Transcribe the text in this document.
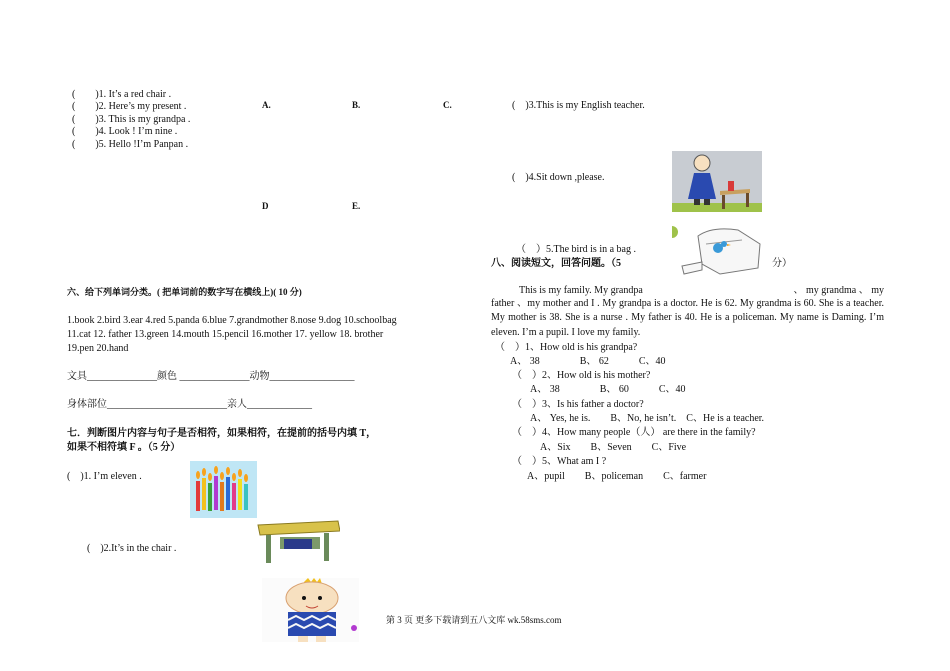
(　　)1. It’s a red chair .
(　　)2. Here’s my present .
(　　)3. This is my grandpa .
(　　)4. Look ! I’m nine .
(　　)5. Hello !I’m Panpan .
A.	B.	C.
D	E.
六、给下列单词分类。( 把单词前的数字写在横线上)( 10 分)
1.book 2.bird 3.ear 4.red 5.panda 6.blue 7.grandmother 8.nose 9.dog 10.schoolbag
11.cat 12. father 13.green 14.mouth 15.pencil 16.mother 17. yellow 18. brother
19.pen 20.hand
文具______________颜色 ______________动物_________________
身体部位________________________亲人_____________
七．判断图片内容与句子是否相符，如果相符，在提前的括号内填 T，
如果不相符填 F 。（5 分）
(　)1. I’m eleven .
(　)2.It’s in the chair .
(　)3.This is my English teacher.
(　)4.Sit down ,please.
（　）5.The bird is in a bag .
八、阅读短文，回答问题。（5	分）
This is my family. My grandpa	、 my grandma 、 my
father 、my mother and I . My grandpa is a doctor. He is 62. My grandma is 60. She is a teacher. My mother is 38. She is a nurse . My father is 40. He is a policeman. My name is Daming. I’m eleven. I’m a pupil. I love my family.
（　）1、How old is his grandpa?
A、 38　　　　B、 62　　　C、40
（　）2、How old is his mother?
A、 38　　　　B、 60　　　C、40
（　）3、Is his father a doctor?
A、 Yes, he is.　　B、No, he isn’t.　C、He is a teacher.
（　）4、How many people（人） are there in the family?
A、Six　　B、Seven　　C、Five
（　）5、What am I ?
A、pupil　　B、policeman　　C、farmer
第 3 页 更多下载请到五八文库 wk.58sms.com
